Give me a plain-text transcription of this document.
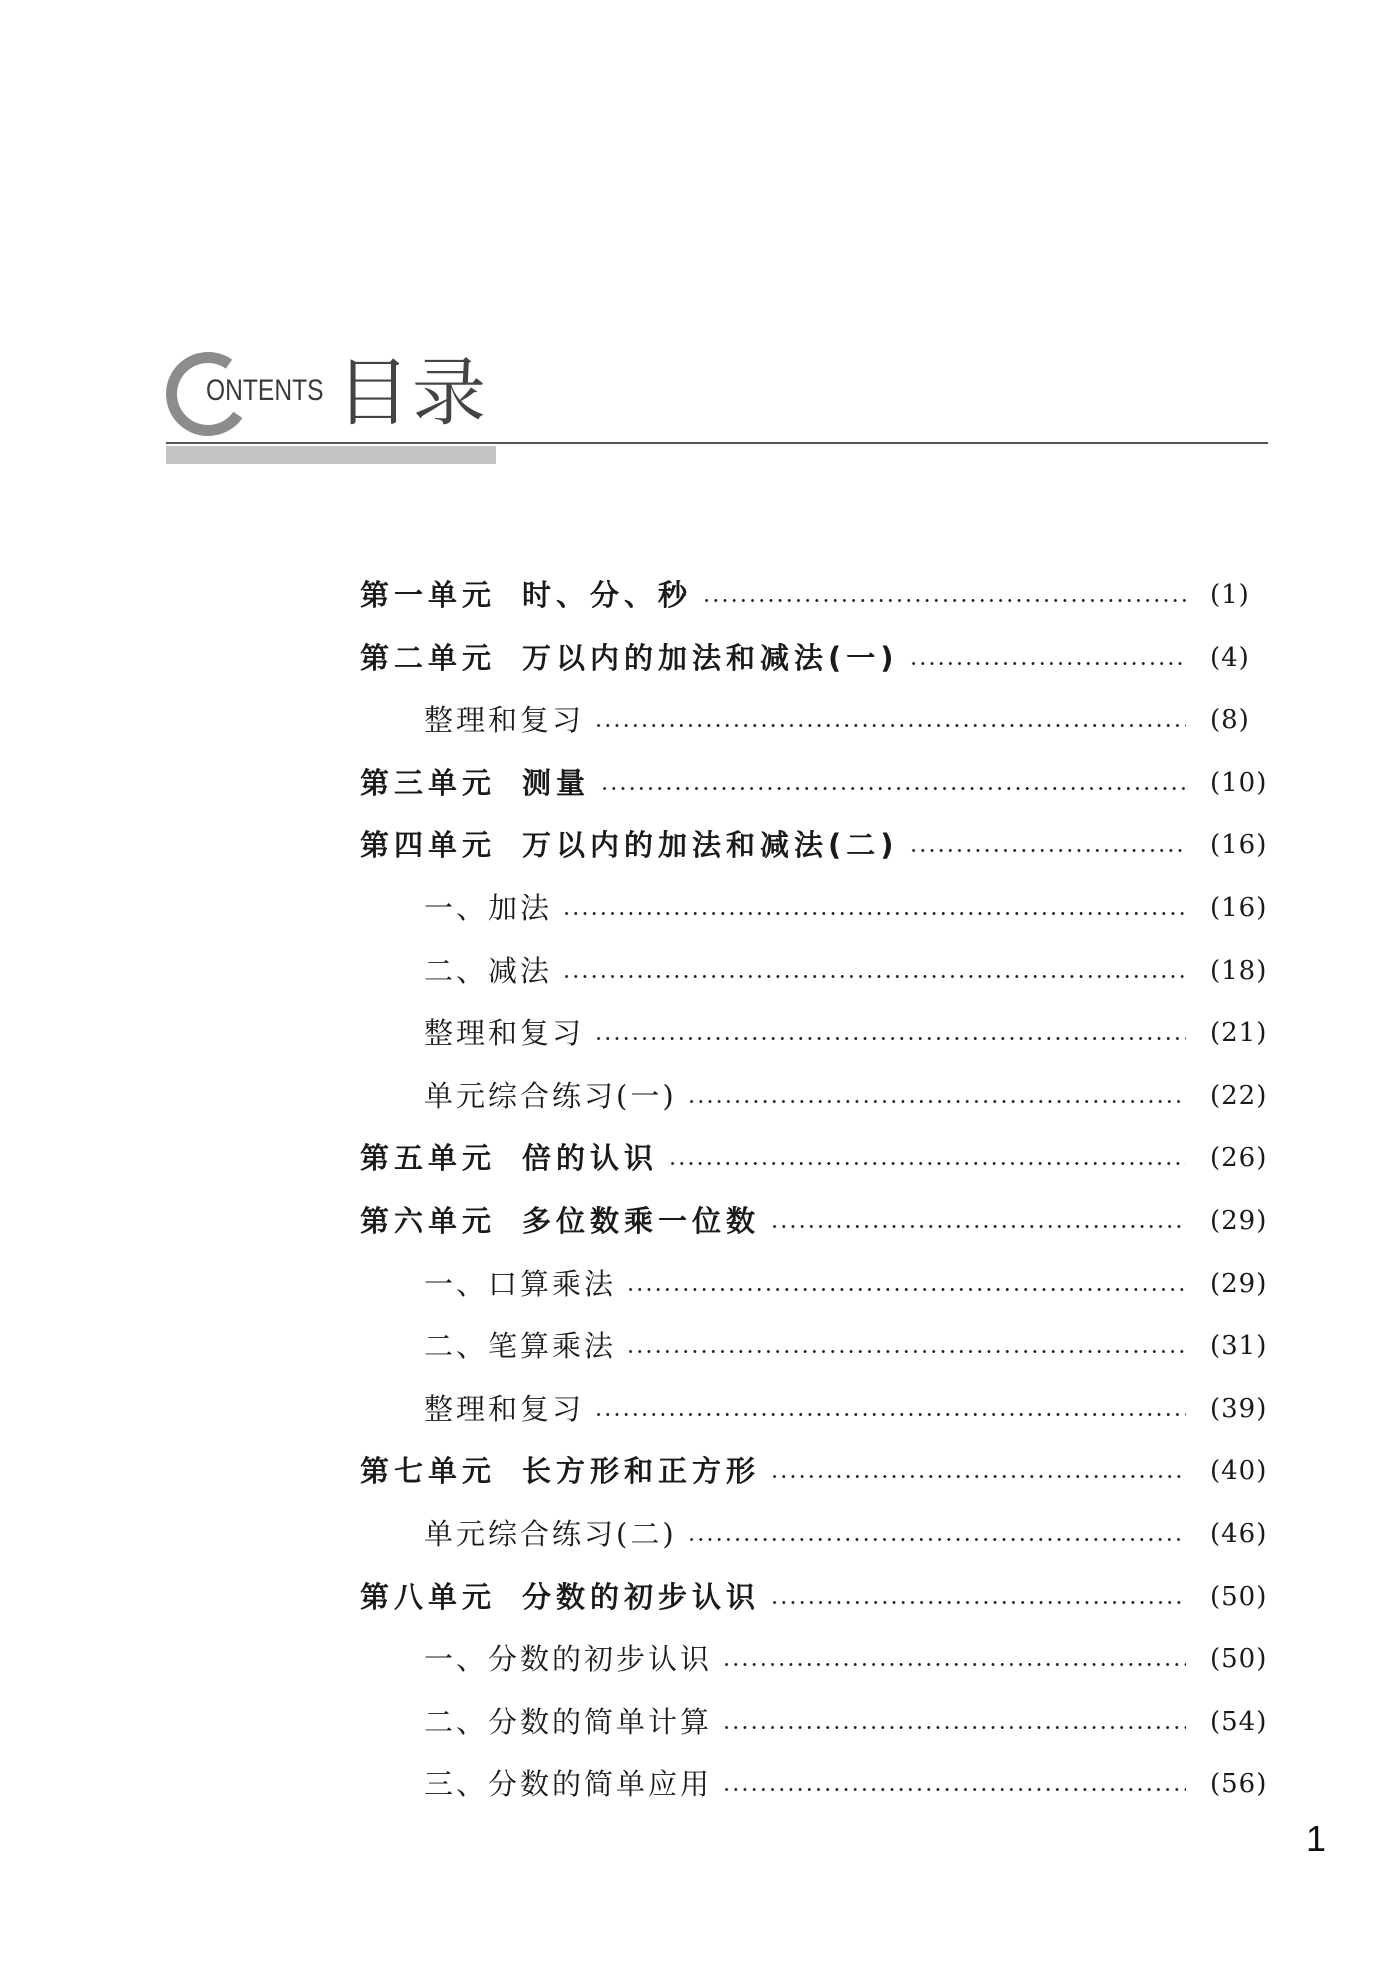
ONTENTS 目录
第一单元 时、分、秒	(1)
第二单元 万以内的加法和减法(一)	(4)
整理和复习	(8)
第三单元 测量	(10)
第四单元 万以内的加法和减法(二)	(16)
一、加法	(16)
二、减法	(18)
整理和复习	(21)
单元综合练习(一)	(22)
第五单元 倍的认识	(26)
第六单元 多位数乘一位数	(29)
一、口算乘法	(29)
二、笔算乘法	(31)
整理和复习	(39)
第七单元 长方形和正方形	(40)
单元综合练习(二)	(46)
第八单元 分数的初步认识	(50)
一、分数的初步认识	(50)
二、分数的简单计算	(54)
三、分数的简单应用	(56)
1
